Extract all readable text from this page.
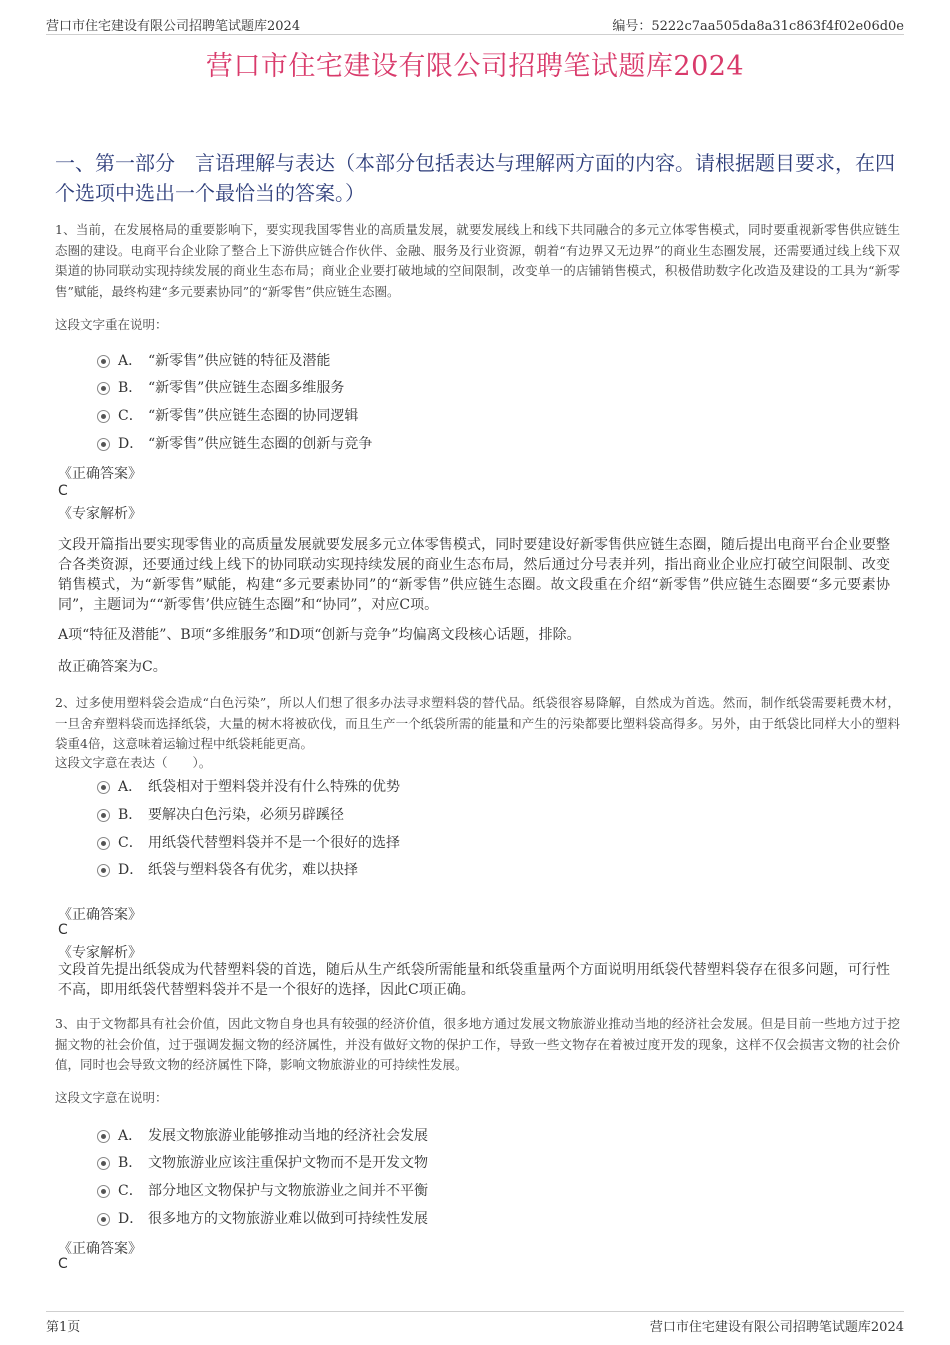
营口市住宅建设有限公司招聘笔试题库2024	编号：5222c7aa505da8a31c863f4f02e06d0e
营口市住宅建设有限公司招聘笔试题库2024
一、第一部分　言语理解与表达（本部分包括表达与理解两方面的内容。请根据题目要求，在四个选项中选出一个最恰当的答案。）
1、当前，在发展格局的重要影响下，要实现我国零售业的高质量发展，就要发展线上和线下共同融合的多元立体零售模式，同时要重视新零售供应链生态圈的建设。电商平台企业除了整合上下游供应链合作伙伴、金融、服务及行业资源，朝着“有边界又无边界”的商业生态圈发展，还需要通过线上线下双渠道的协同联动实现持续发展的商业生态布局；商业企业要打破地域的空间限制，改变单一的店铺销售模式，积极借助数字化改造及建设的工具为“新零售”赋能，最终构建“多元要素协同”的“新零售”供应链生态圈。
这段文字重在说明：
A． “新零售”供应链的特征及潜能
B． “新零售”供应链生态圈多维服务
C． “新零售”供应链生态圈的协同逻辑
D． “新零售”供应链生态圈的创新与竞争
《正确答案》
C
《专家解析》
文段开篇指出要实现零售业的高质量发展就要发展多元立体零售模式，同时要建设好新零售供应链生态圈，随后提出电商平台企业要整合各类资源，还要通过线上线下的协同联动实现持续发展的商业生态布局，然后通过分号表并列，指出商业企业应打破空间限制、改变销售模式，为“新零售”赋能，构建“多元要素协同”的“新零售”供应链生态圈。故文段重在介绍“新零售”供应链生态圈要“多元要素协同”，主题词为““新零售’供应链生态圈”和“协同”，对应C项。
A项“特征及潜能”、B项“多维服务”和D项“创新与竞争”均偏离文段核心话题，排除。
故正确答案为C。
2、过多使用塑料袋会造成“白色污染”，所以人们想了很多办法寻求塑料袋的替代品。纸袋很容易降解，自然成为首选。然而，制作纸袋需要耗费木材，一旦舍弃塑料袋而选择纸袋，大量的树木将被砍伐，而且生产一个纸袋所需的能量和产生的污染都要比塑料袋高得多。另外，由于纸袋比同样大小的塑料袋重4倍，这意味着运输过程中纸袋耗能更高。
这段文字意在表达（　　）。
A． 纸袋相对于塑料袋并没有什么特殊的优势
B． 要解决白色污染，必须另辟蹊径
C． 用纸袋代替塑料袋并不是一个很好的选择
D． 纸袋与塑料袋各有优劣，难以抉择
《正确答案》
C
《专家解析》
文段首先提出纸袋成为代替塑料袋的首选，随后从生产纸袋所需能量和纸袋重量两个方面说明用纸袋代替塑料袋存在很多问题，可行性不高，即用纸袋代替塑料袋并不是一个很好的选择，因此C项正确。
3、由于文物都具有社会价值，因此文物自身也具有较强的经济价值，很多地方通过发展文物旅游业推动当地的经济社会发展。但是目前一些地方过于挖掘文物的社会价值，过于强调发掘文物的经济属性，并没有做好文物的保护工作，导致一些文物存在着被过度开发的现象，这样不仅会损害文物的社会价值，同时也会导致文物的经济属性下降，影响文物旅游业的可持续性发展。
这段文字意在说明：
A． 发展文物旅游业能够推动当地的经济社会发展
B． 文物旅游业应该注重保护文物而不是开发文物
C． 部分地区文物保护与文物旅游业之间并不平衡
D． 很多地方的文物旅游业难以做到可持续性发展
《正确答案》
C
第1页	营口市住宅建设有限公司招聘笔试题库2024
